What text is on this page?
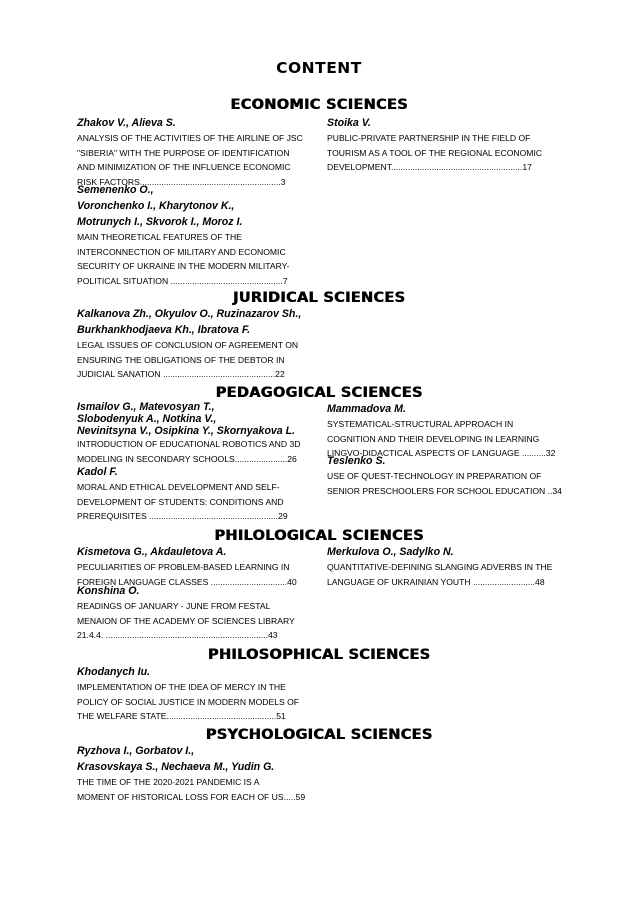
CONTENT
ECONOMIC SCIENCES
Zhakov V., Alieva S.
ANALYSIS OF THE ACTIVITIES OF THE AIRLINE OF JSC
"SIBERIA" WITH THE PURPOSE OF IDENTIFICATION
AND MINIMIZATION OF THE INFLUENCE ECONOMIC
RISK FACTORS...........................................................3
Semenenko O.,
Voronchenko I., Kharytonov K.,
Motrunych I., Skvorok I., Moroz I.
MAIN THEORETICAL FEATURES OF THE
INTERCONNECTION OF MILITARY AND ECONOMIC
SECURITY OF UKRAINE IN THE MODERN MILITARY-
POLITICAL SITUATION ...............................................7
Stoika V.
PUBLIC-PRIVATE PARTNERSHIP IN THE FIELD OF
TOURISM AS A TOOL OF THE REGIONAL ECONOMIC
DEVELOPMENT.......................................................17
JURIDICAL SCIENCES
Kalkanova Zh., Okyulov O., Ruzinazarov Sh.,
Burkhankhodjaeva Kh., Ibratova F.
LEGAL ISSUES OF CONCLUSION OF AGREEMENT ON
ENSURING THE OBLIGATIONS OF THE DEBTOR IN
JUDICIAL SANATION ...............................................22
PEDAGOGICAL SCIENCES
Ismailov G., Matevosyan T.,
Slobodenyuk A., Notkina V.,
Nevinitsyna V., Osipkina Y., Skornyakova L.
INTRODUCTION OF EDUCATIONAL ROBOTICS AND 3D
MODELING IN SECONDARY SCHOOLS......................26
Kadol F.
MORAL AND ETHICAL DEVELOPMENT AND SELF-
DEVELOPMENT OF STUDENTS: CONDITIONS AND
PREREQUISITES ......................................................29
Mammadova M.
SYSTEMATICAL-STRUCTURAL APPROACH IN
COGNITION AND THEIR DEVELOPING IN LEARNING
LINGVO-DIDACTICAL ASPECTS OF LANGUAGE ..........32
Teslenko S.
USE OF QUEST-TECHNOLOGY IN PREPARATION OF
SENIOR PRESCHOOLERS FOR SCHOOL EDUCATION ..34
PHILOLOGICAL SCIENCES
Kismetova G., Akdauletova A.
PECULIARITIES OF PROBLEM-BASED LEARNING IN
FOREIGN LANGUAGE CLASSES ................................40
Konshina O.
READINGS OF JANUARY - JUNE FROM FESTAL
MENAION OF THE ACADEMY OF SCIENCES LIBRARY
21.4.4. ....................................................................43
Merkulova O., Sadylko N.
QUANTITATIVE-DEFINING SLANGING ADVERBS IN THE
LANGUAGE OF UKRAINIAN YOUTH ..........................48
PHILOSOPHICAL SCIENCES
Khodanych Iu.
IMPLEMENTATION OF THE IDEA OF MERCY IN THE
POLICY OF SOCIAL JUSTICE IN MODERN MODELS OF
THE WELFARE STATE..............................................51
PSYCHOLOGICAL SCIENCES
Ryzhova I., Gorbatov I.,
Krasovskaya S., Nechaeva M., Yudin G.
THE TIME OF THE 2020-2021 PANDEMIC IS A
MOMENT OF HISTORICAL LOSS FOR EACH OF US.....59
